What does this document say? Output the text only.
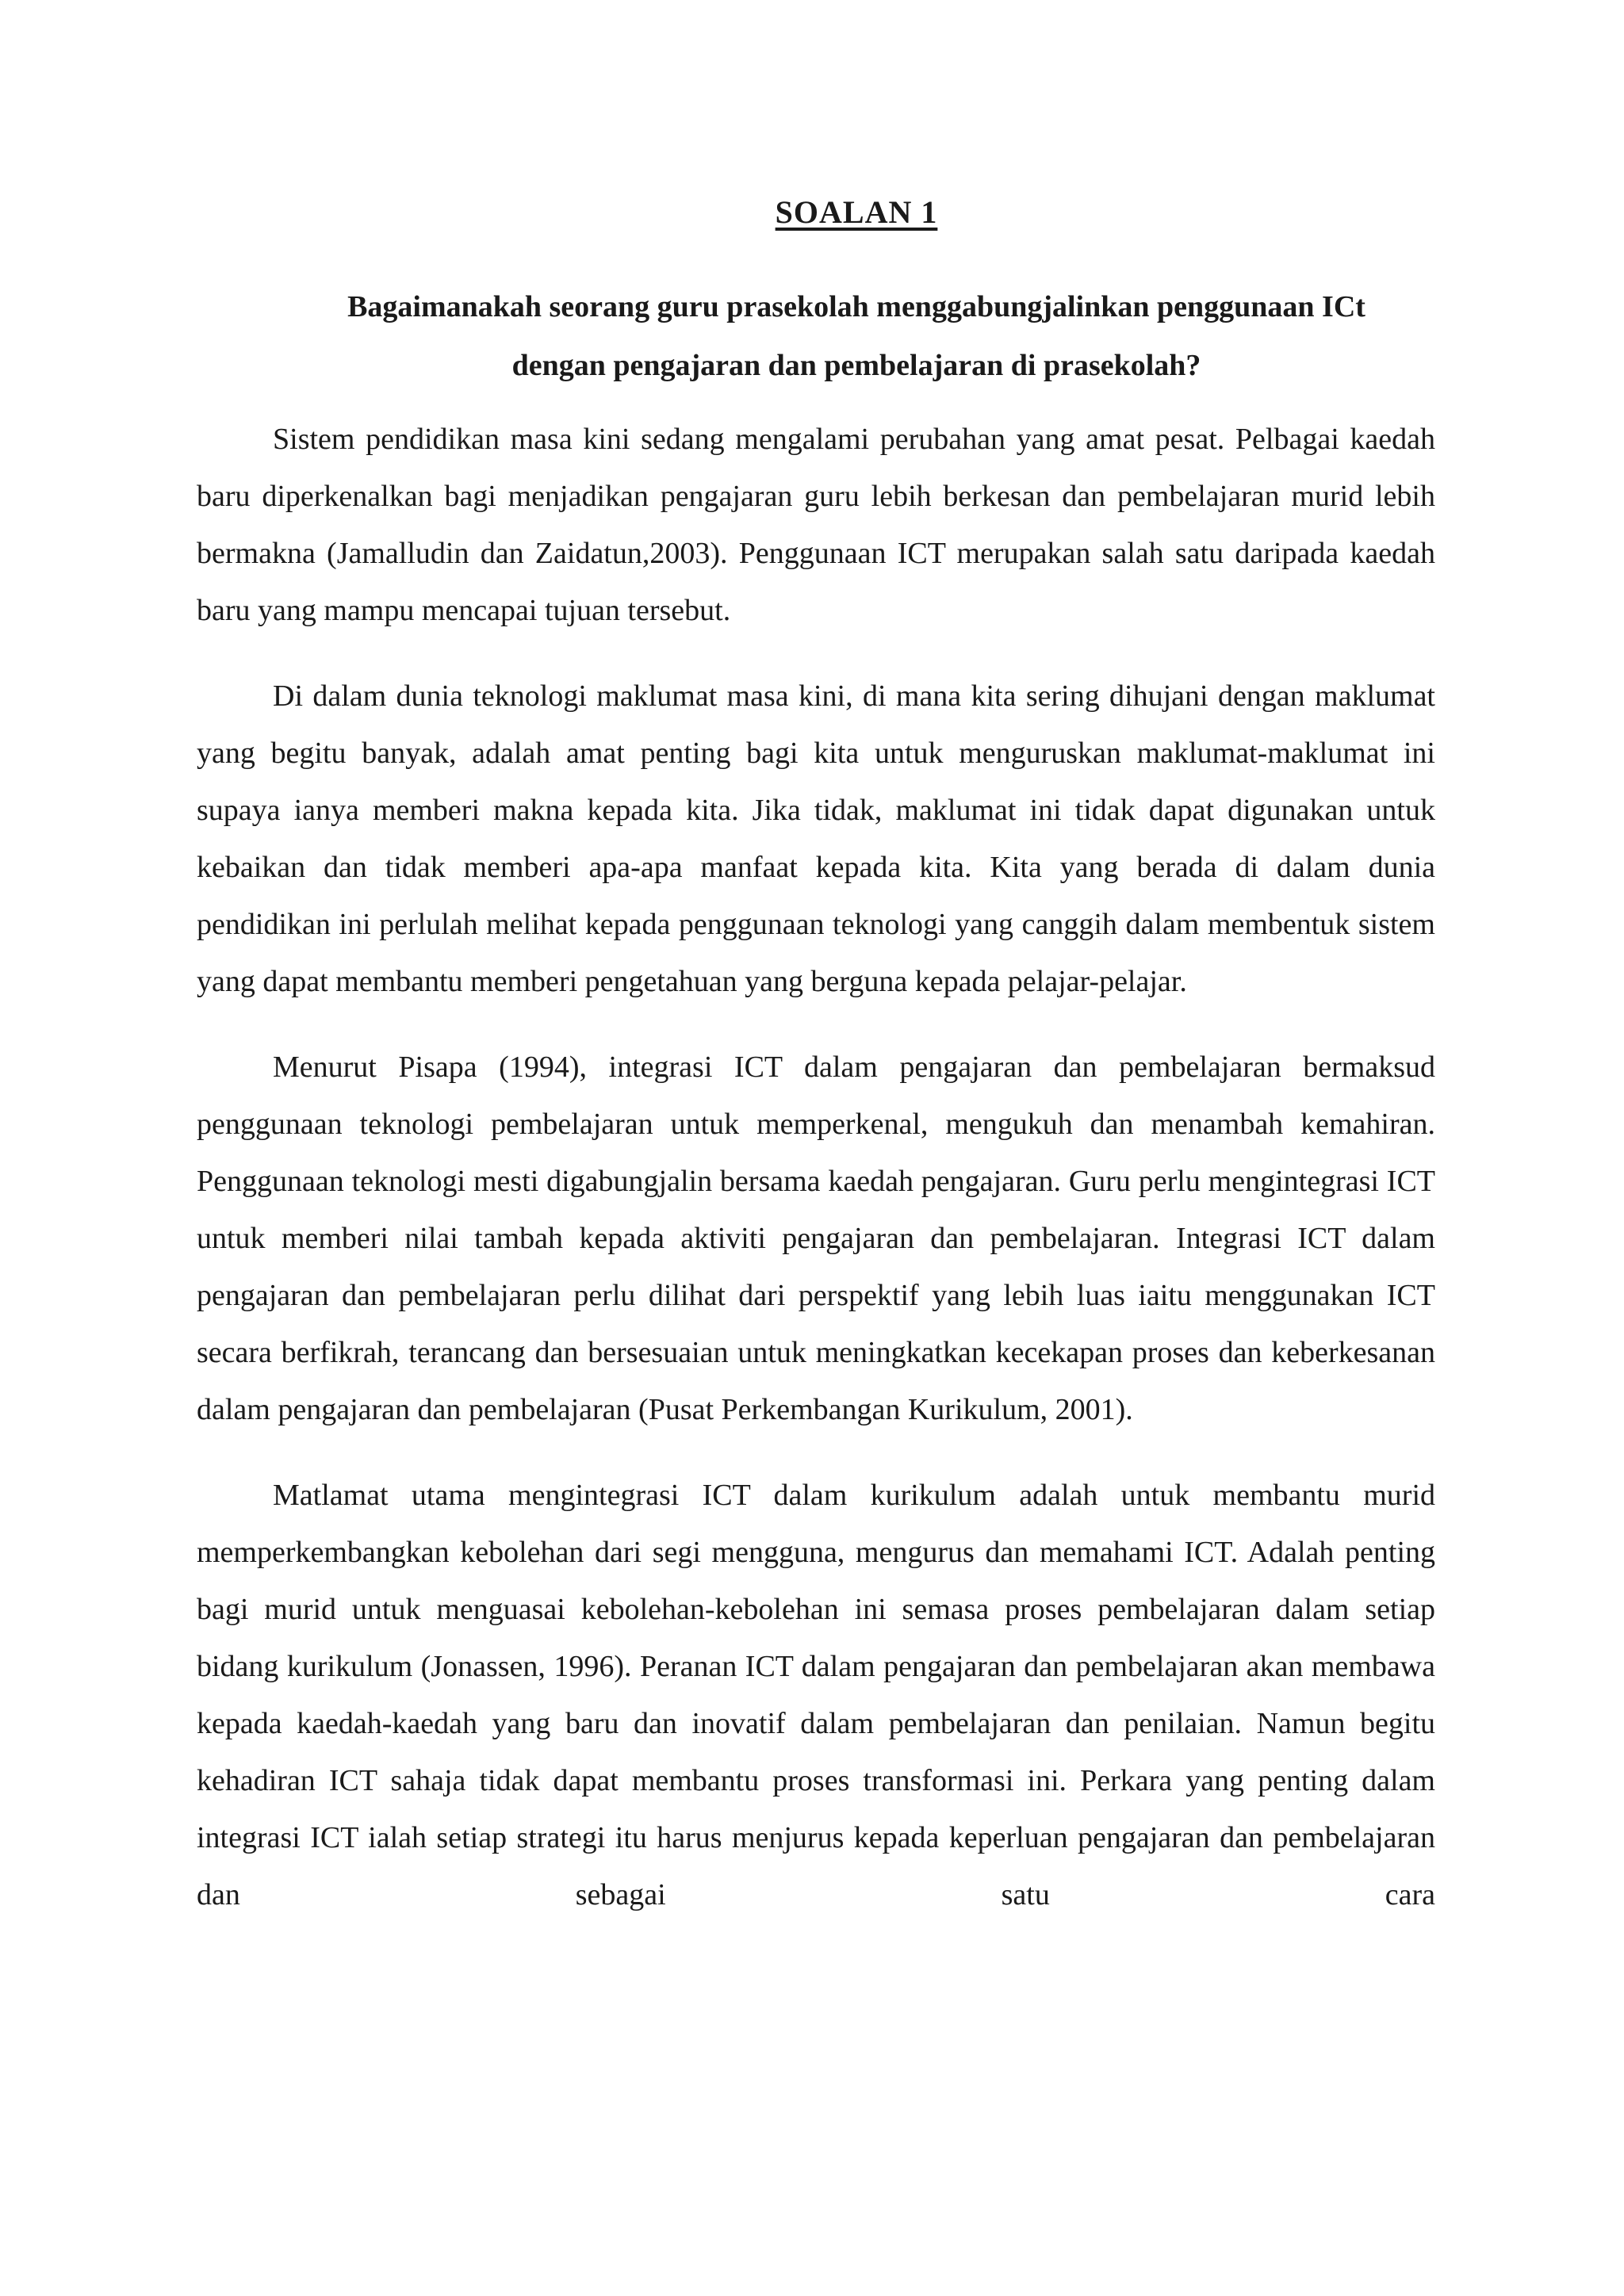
SOALAN 1
Bagaimanakah seorang guru prasekolah menggabungjalinkan penggunaan ICt
dengan pengajaran dan pembelajaran di prasekolah?

Sistem pendidikan masa kini sedang mengalami perubahan yang amat pesat. Pelbagai kaedah baru diperkenalkan bagi menjadikan pengajaran guru lebih berkesan dan pembelajaran murid lebih bermakna (Jamalludin dan Zaidatun,2003). Penggunaan ICT merupakan salah satu daripada kaedah baru yang mampu mencapai tujuan tersebut.

Di dalam dunia teknologi maklumat masa kini, di mana kita sering dihujani dengan maklumat yang begitu banyak, adalah amat penting bagi kita untuk menguruskan maklumat-maklumat ini supaya ianya memberi makna kepada kita. Jika tidak, maklumat ini tidak dapat digunakan untuk kebaikan dan tidak memberi apa-apa manfaat kepada kita. Kita yang berada di dalam dunia pendidikan ini perlulah melihat kepada penggunaan teknologi yang canggih dalam membentuk sistem yang dapat membantu memberi pengetahuan yang berguna kepada pelajar-pelajar.

Menurut Pisapa (1994), integrasi ICT dalam pengajaran dan pembelajaran bermaksud penggunaan teknologi pembelajaran untuk memperkenal, mengukuh dan menambah kemahiran. Penggunaan teknologi mesti digabungjalin bersama kaedah pengajaran. Guru perlu mengintegrasi ICT untuk memberi nilai tambah kepada aktiviti pengajaran dan pembelajaran. Integrasi ICT dalam pengajaran dan pembelajaran perlu dilihat dari perspektif yang lebih luas iaitu menggunakan ICT secara berfikrah, terancang dan bersesuaian untuk meningkatkan kecekapan proses dan keberkesanan dalam pengajaran dan pembelajaran (Pusat Perkembangan Kurikulum, 2001).

Matlamat utama mengintegrasi ICT dalam kurikulum adalah untuk membantu murid memperkembangkan kebolehan dari segi mengguna, mengurus dan memahami ICT. Adalah penting bagi murid untuk menguasai kebolehan-kebolehan ini semasa proses pembelajaran dalam setiap bidang kurikulum (Jonassen, 1996). Peranan ICT dalam pengajaran dan pembelajaran akan membawa kepada kaedah-kaedah yang baru dan inovatif dalam pembelajaran dan penilaian. Namun begitu kehadiran ICT sahaja tidak dapat membantu proses transformasi ini. Perkara yang penting dalam integrasi ICT ialah setiap strategi itu harus menjurus kepada keperluan pengajaran dan pembelajaran dan sebagai satu cara
